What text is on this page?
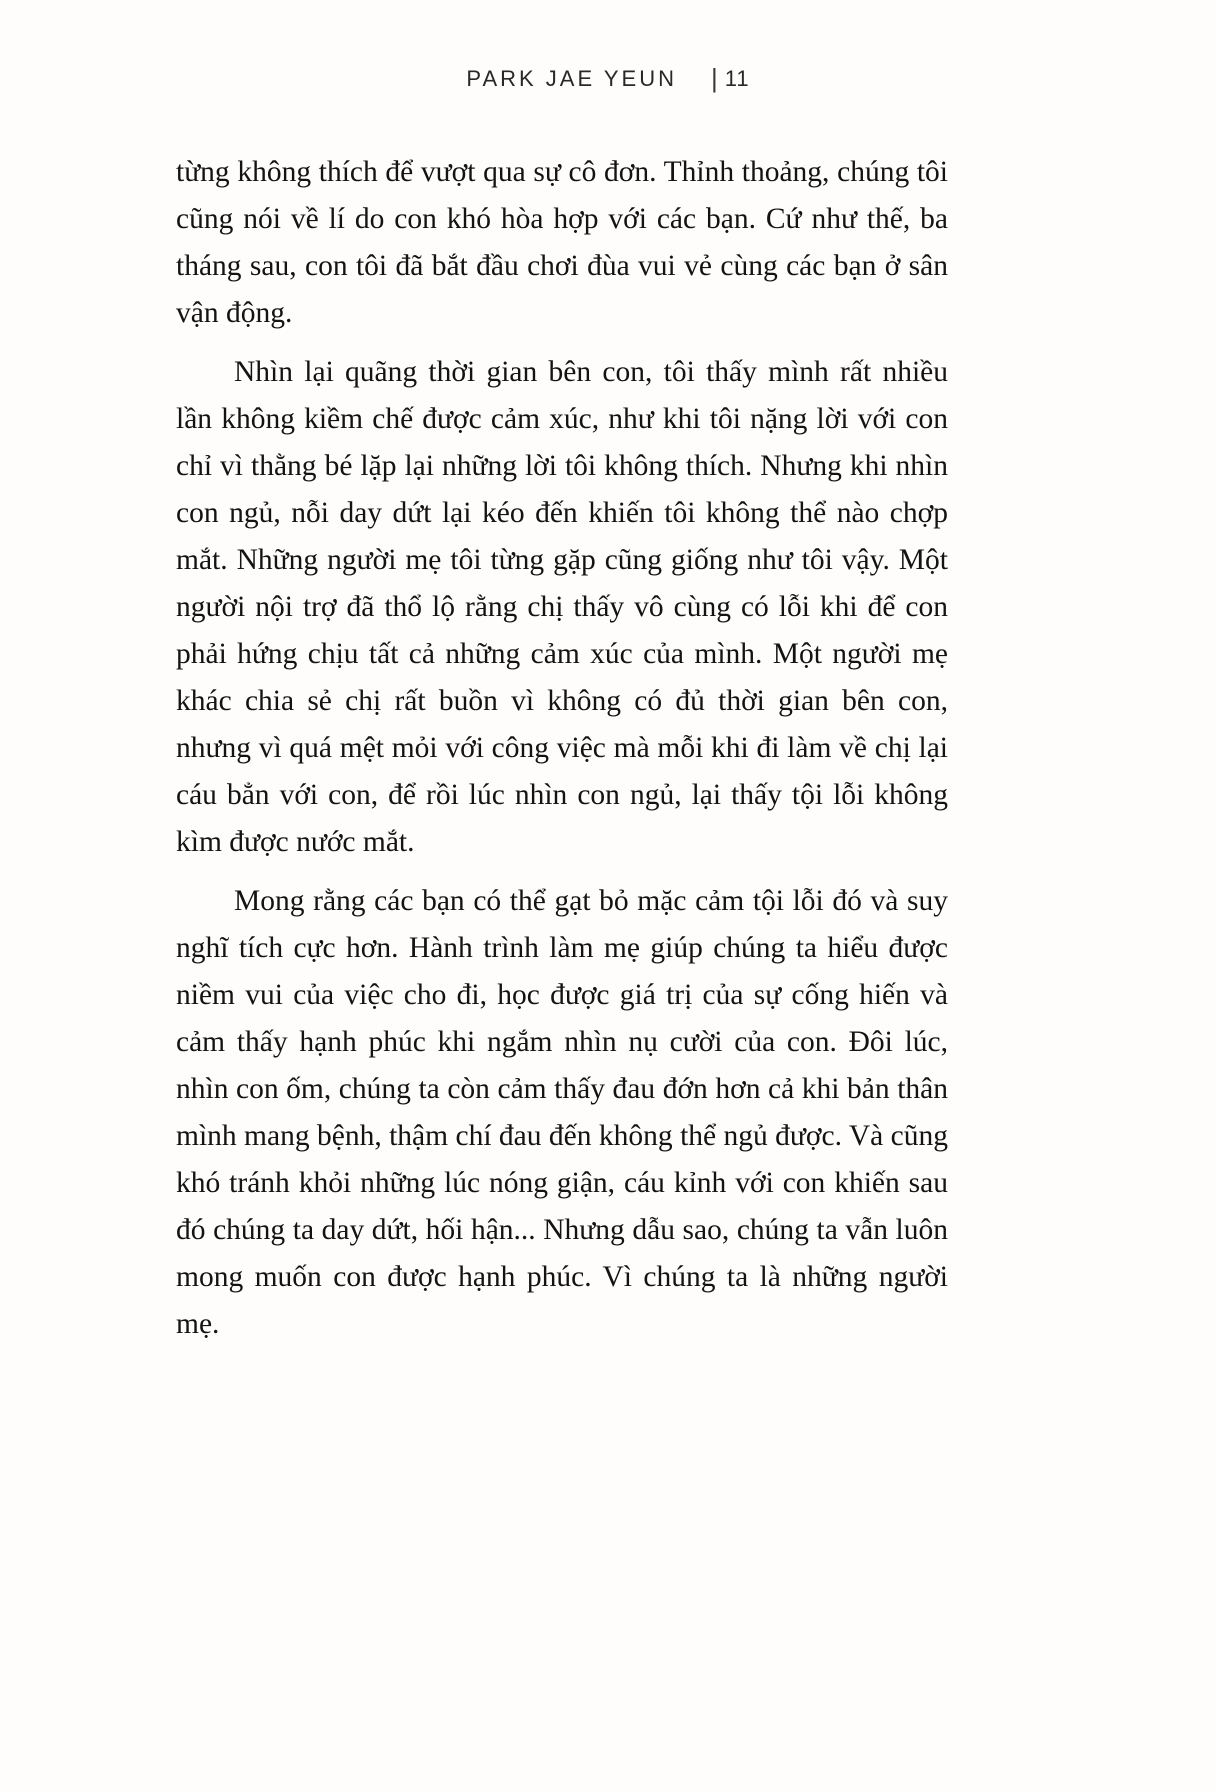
PARK JAE YEUN | 11

từng không thích để vượt qua sự cô đơn. Thỉnh thoảng, chúng tôi cũng nói về lí do con khó hòa hợp với các bạn. Cứ như thế, ba tháng sau, con tôi đã bắt đầu chơi đùa vui vẻ cùng các bạn ở sân vận động.

Nhìn lại quãng thời gian bên con, tôi thấy mình rất nhiều lần không kiềm chế được cảm xúc, như khi tôi nặng lời với con chỉ vì thằng bé lặp lại những lời tôi không thích. Nhưng khi nhìn con ngủ, nỗi day dứt lại kéo đến khiến tôi không thể nào chợp mắt. Những người mẹ tôi từng gặp cũng giống như tôi vậy. Một người nội trợ đã thổ lộ rằng chị thấy vô cùng có lỗi khi để con phải hứng chịu tất cả những cảm xúc của mình. Một người mẹ khác chia sẻ chị rất buồn vì không có đủ thời gian bên con, nhưng vì quá mệt mỏi với công việc mà mỗi khi đi làm về chị lại cáu bẳn với con, để rồi lúc nhìn con ngủ, lại thấy tội lỗi không kìm được nước mắt.

Mong rằng các bạn có thể gạt bỏ mặc cảm tội lỗi đó và suy nghĩ tích cực hơn. Hành trình làm mẹ giúp chúng ta hiểu được niềm vui của việc cho đi, học được giá trị của sự cống hiến và cảm thấy hạnh phúc khi ngắm nhìn nụ cười của con. Đôi lúc, nhìn con ốm, chúng ta còn cảm thấy đau đớn hơn cả khi bản thân mình mang bệnh, thậm chí đau đến không thể ngủ được. Và cũng khó tránh khỏi những lúc nóng giận, cáu kỉnh với con khiến sau đó chúng ta day dứt, hối hận... Nhưng dẫu sao, chúng ta vẫn luôn mong muốn con được hạnh phúc. Vì chúng ta là những người mẹ.
